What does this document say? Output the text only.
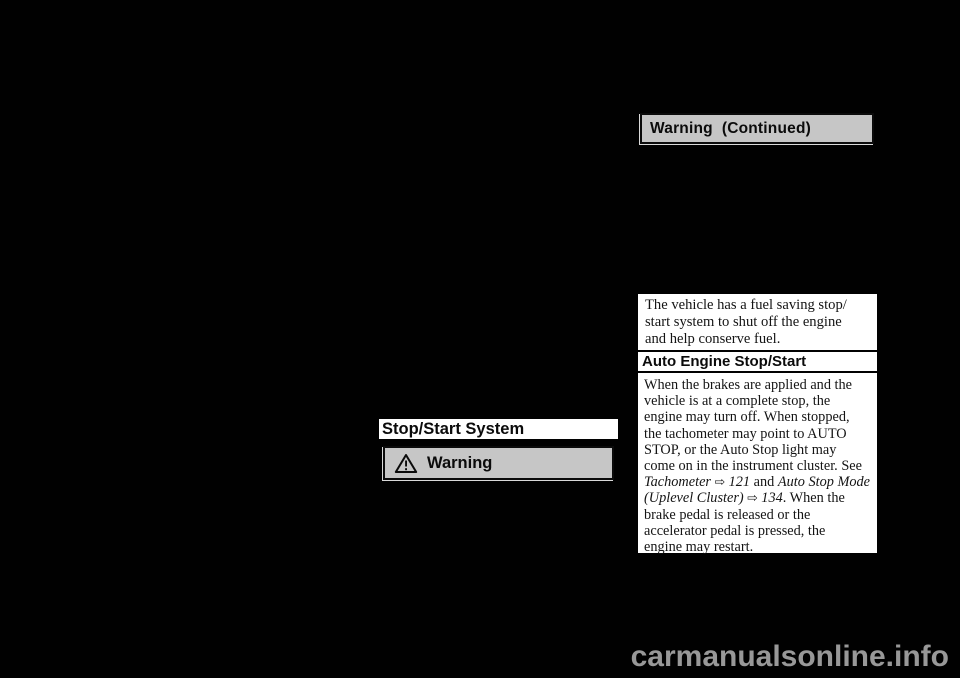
Warning  (Continued)
The vehicle has a fuel saving stop/
start system to shut off the engine
and help conserve fuel.
Auto Engine Stop/Start
When the brakes are applied and the
vehicle is at a complete stop, the
engine may turn off. When stopped,
the tachometer may point to AUTO
STOP, or the Auto Stop light may
come on in the instrument cluster. See
Tachometer ⇨ 121 and Auto Stop Mode
(Uplevel Cluster) ⇨ 134. When the
brake pedal is released or the
accelerator pedal is pressed, the
engine may restart.
Stop/Start System
Warning
carmanualsonline.info
